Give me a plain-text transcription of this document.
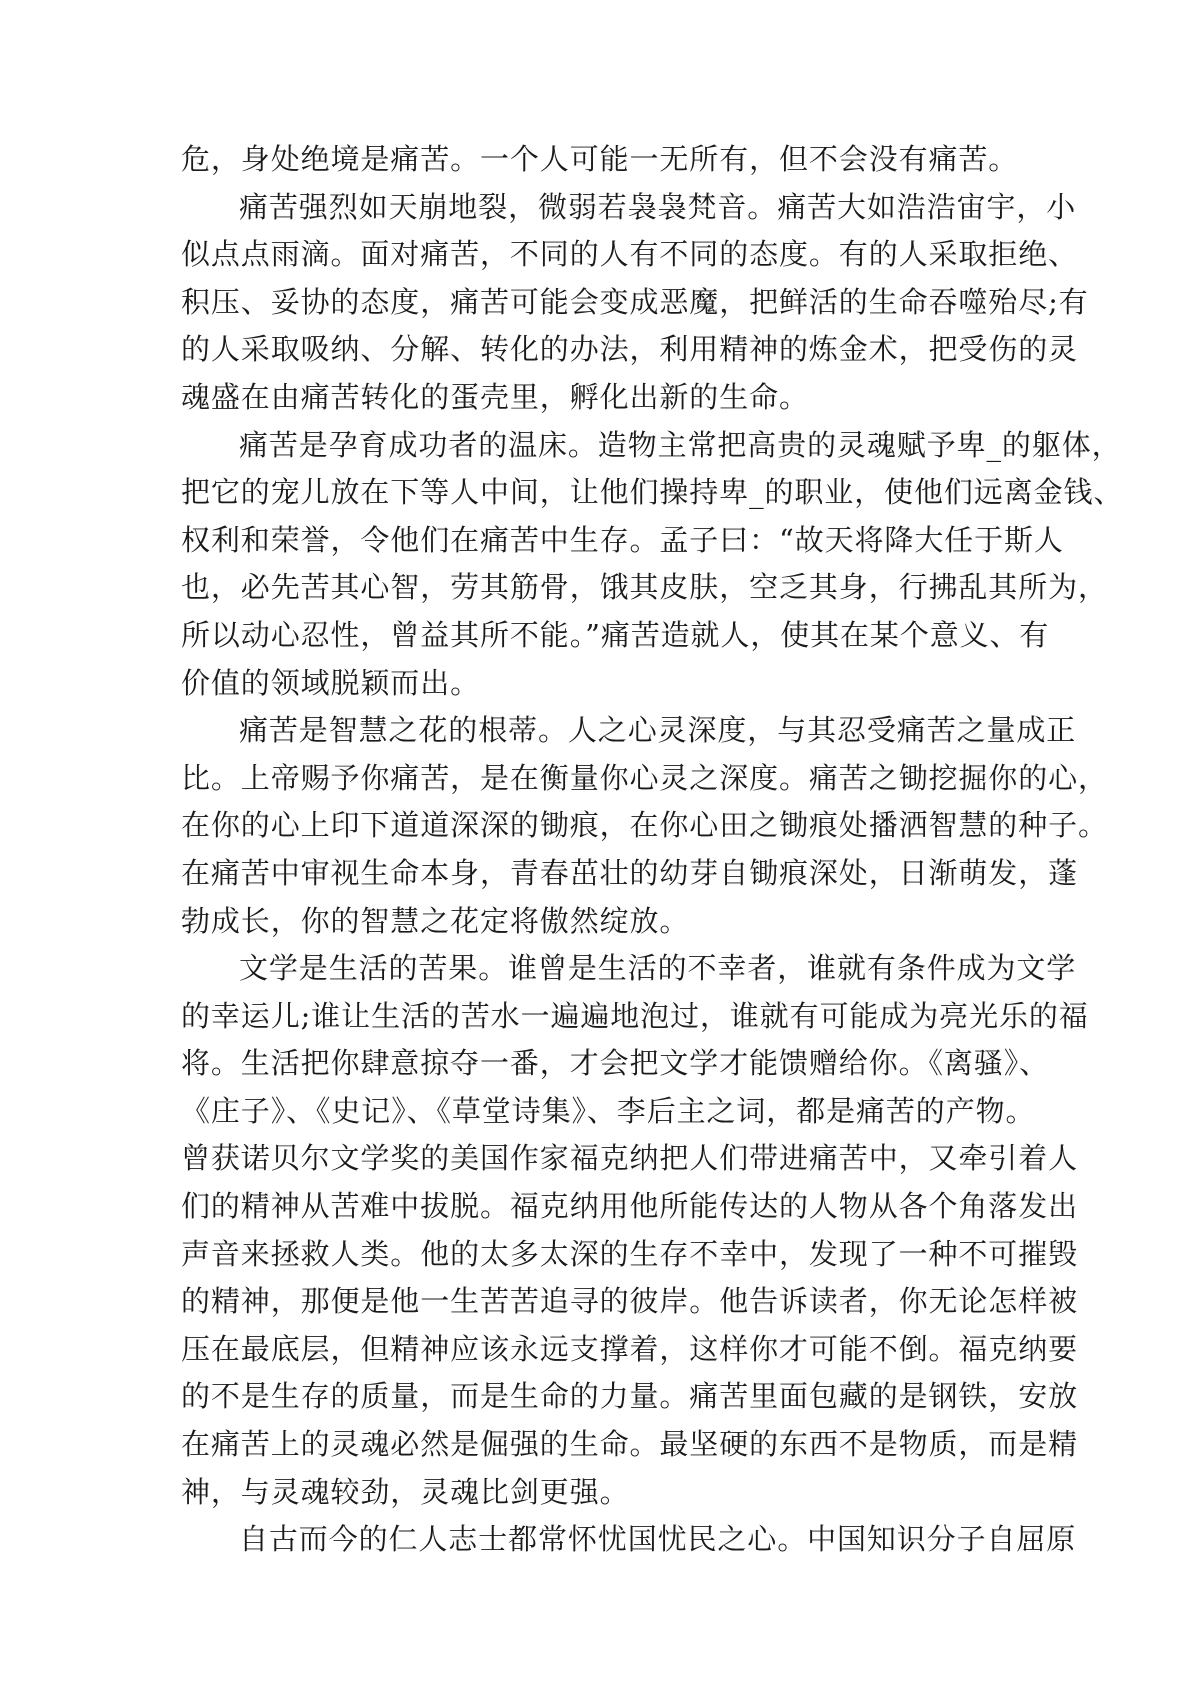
危，身处绝境是痛苦。一个人可能一无所有，但不会没有痛苦。
痛苦强烈如天崩地裂，微弱若袅袅梵音。痛苦大如浩浩宙宇，小
似点点雨滴。面对痛苦，不同的人有不同的态度。有的人采取拒绝、
积压、妥协的态度，痛苦可能会变成恶魔，把鲜活的生命吞噬殆尽;有
的人采取吸纳、分解、转化的办法，利用精神的炼金术，把受伤的灵
魂盛在由痛苦转化的蛋壳里，孵化出新的生命。
痛苦是孕育成功者的温床。造物主常把高贵的灵魂赋予卑_的躯体，
把它的宠儿放在下等人中间，让他们操持卑_的职业，使他们远离金钱、
权利和荣誉，令他们在痛苦中生存。孟子曰：“故天将降大任于斯人
也，必先苦其心智，劳其筋骨，饿其皮肤，空乏其身，行拂乱其所为，
所以动心忍性，曾益其所不能。”痛苦造就人，使其在某个意义、有
价值的领域脱颖而出。
痛苦是智慧之花的根蒂。人之心灵深度，与其忍受痛苦之量成正
比。上帝赐予你痛苦，是在衡量你心灵之深度。痛苦之锄挖掘你的心，
在你的心上印下道道深深的锄痕，在你心田之锄痕处播洒智慧的种子。
在痛苦中审视生命本身，青春茁壮的幼芽自锄痕深处，日渐萌发，蓬
勃成长，你的智慧之花定将傲然绽放。
文学是生活的苦果。谁曾是生活的不幸者，谁就有条件成为文学
的幸运儿;谁让生活的苦水一遍遍地泡过，谁就有可能成为亮光乐的福
将。生活把你肆意掠夺一番，才会把文学才能馈赠给你。《离骚》、
《庄子》、《史记》、《草堂诗集》、李后主之词，都是痛苦的产物。
曾获诺贝尔文学奖的美国作家福克纳把人们带进痛苦中，又牵引着人
们的精神从苦难中拔脱。福克纳用他所能传达的人物从各个角落发出
声音来拯救人类。他的太多太深的生存不幸中，发现了一种不可摧毁
的精神，那便是他一生苦苦追寻的彼岸。他告诉读者，你无论怎样被
压在最底层，但精神应该永远支撑着，这样你才可能不倒。福克纳要
的不是生存的质量，而是生命的力量。痛苦里面包藏的是钢铁，安放
在痛苦上的灵魂必然是倔强的生命。最坚硬的东西不是物质，而是精
神，与灵魂较劲，灵魂比剑更强。
自古而今的仁人志士都常怀忧国忧民之心。中国知识分子自屈原
